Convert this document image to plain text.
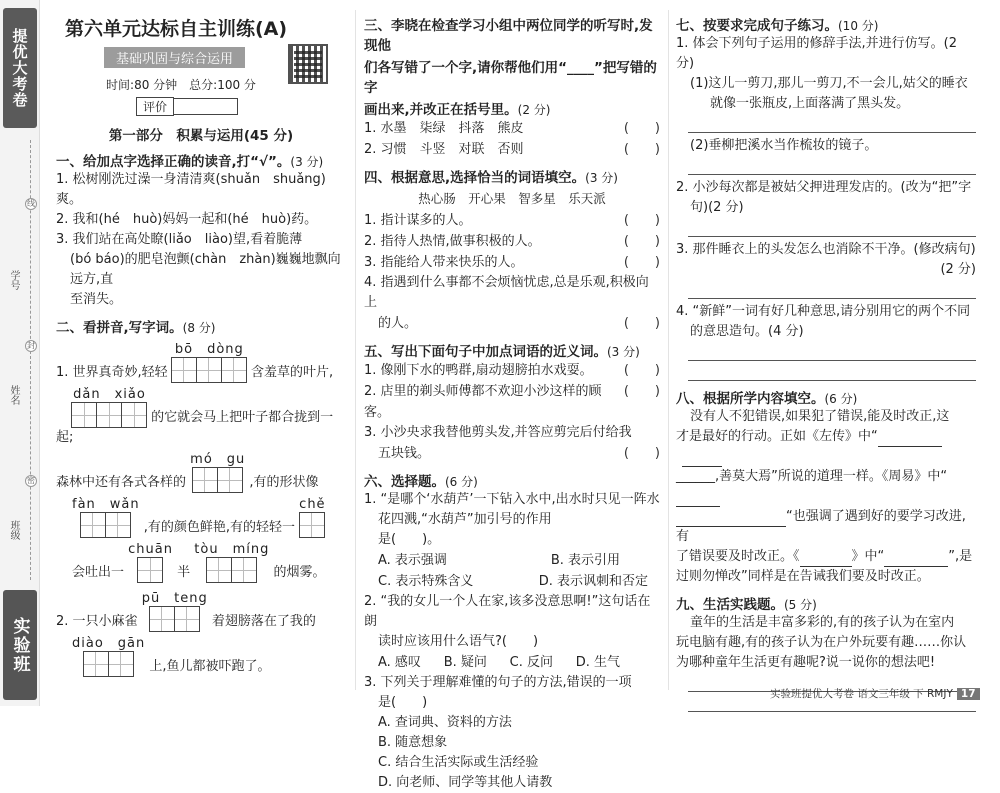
提优大考卷
线
封
密
学号
姓名
班级
实验班
第六单元达标自主训练(A)
基础巩固与综合运用
时间:80 分钟　总分:100 分
评价
第一部分　积累与运用(45 分)
一、给加点字选择正确的读音,打“√”。(3 分)
1. 松树刚洗过澡一身清清爽(shuǎn　shuǎng)爽。
2. 我和(hé　huò)妈妈一起和(hé　huò)药。
3. 我们站在高处瞭(liǎo　liào)望,看着脆薄
(bó báo)的肥皂泡颤(chàn　zhàn)巍巍地飘向远方,直
至消失。
二、看拼音,写字词。(8 分)
1. 世界真奇妙,轻轻
bō　dòng
含羞草的叶片,
dǎn　xiǎo
的它就会马上把叶子都合拢到一起;
森林中还有各式各样的
mó　gu
,有的形状像
fàn　wǎn
,有的颜色鲜艳,有的轻轻一
chě
会吐出一
chuān
半
tòu　míng
的烟雾。
2. 一只小麻雀
pū　teng
着翅膀落在了我的
diào　gān
上,鱼儿都被吓跑了。
三、李晓在检查学习小组中两位同学的听写时,发现他
们各写错了一个字,请你帮他们用“____”把写错的字
画出来,并改正在括号里。(2 分)
1. 水墨　柒绿　抖落　熊皮	(　　)
2. 习惯　斗竖　对联　否则	(　　)
四、根据意思,选择恰当的词语填空。(3 分)
热心肠　开心果　智多星　乐天派
1. 指计谋多的人。	(　　)
2. 指待人热情,做事积极的人。	(　　)
3. 指能给人带来快乐的人。	(　　)
4. 指遇到什么事都不会烦恼忧虑,总是乐观,积极向上
的人。	(　　)
五、写出下面句子中加点词语的近义词。(3 分)
1. 像刚下水的鸭群,扇动翅膀拍水戏耍。 (　　)
2. 店里的剃头师傅都不欢迎小沙这样的顾客。
(　　)
3. 小沙央求我替他剪头发,并答应剪完后付给我
五块钱。	(　　)
六、选择题。(6 分)
1. “是哪个‘水葫芦’一下钻入水中,出水时只见一阵水
花四溅,“水葫芦”加引号的作用
是(　　)。
A. 表示强调	B. 表示引用
C. 表示特殊含义	D. 表示讽刺和否定
2. “我的女儿一个人在家,该多没意思啊!”这句话在朗
读时应该用什么语气?(　　)
A. 感叹 B. 疑问 C. 反问 D. 生气
3. 下列关于理解难懂的句子的方法,错误的一项
是(　　)
A. 查词典、资料的方法
B. 随意想象
C. 结合生活实际或生活经验
D. 向老师、同学等其他人请教
七、按要求完成句子练习。(10 分)
1. 体会下列句子运用的修辞手法,并进行仿写。(2 分)
(1)这儿一剪刀,那儿一剪刀,不一会儿,姑父的睡衣
就像一张瓶皮,上面落满了黑头发。
(2)垂柳把溪水当作梳妆的镜子。
2. 小沙每次都是被姑父押进理发店的。(改为“把”字
句)(2 分)
3. 那件睡衣上的头发怎么也消除不干净。(修改病句)
(2 分)
4. “新鲜”一词有好几种意思,请分别用它的两个不同
的意思造句。(4 分)
八、根据所学内容填空。(6 分)
没有人不犯错误,如果犯了错误,能及时改正,这
才是最好的行动。正如《左传》中“
______,善莫大焉”所说的道理一样。《周易》中“
“也强调了遇到好的要学习改进,有
了错误要及时改正。《	》中“	”,是
过则勿惮改”同样是在告诫我们要及时改正。
九、生活实践题。(5 分)
童年的生活是丰富多彩的,有的孩子认为在室内
玩电脑有趣,有的孩子认为在户外玩要有趣……你认
为哪种童年生活更有趣呢?说一说你的想法吧!
实验班提优大考卷 语文三年级 下 RMJY 17
